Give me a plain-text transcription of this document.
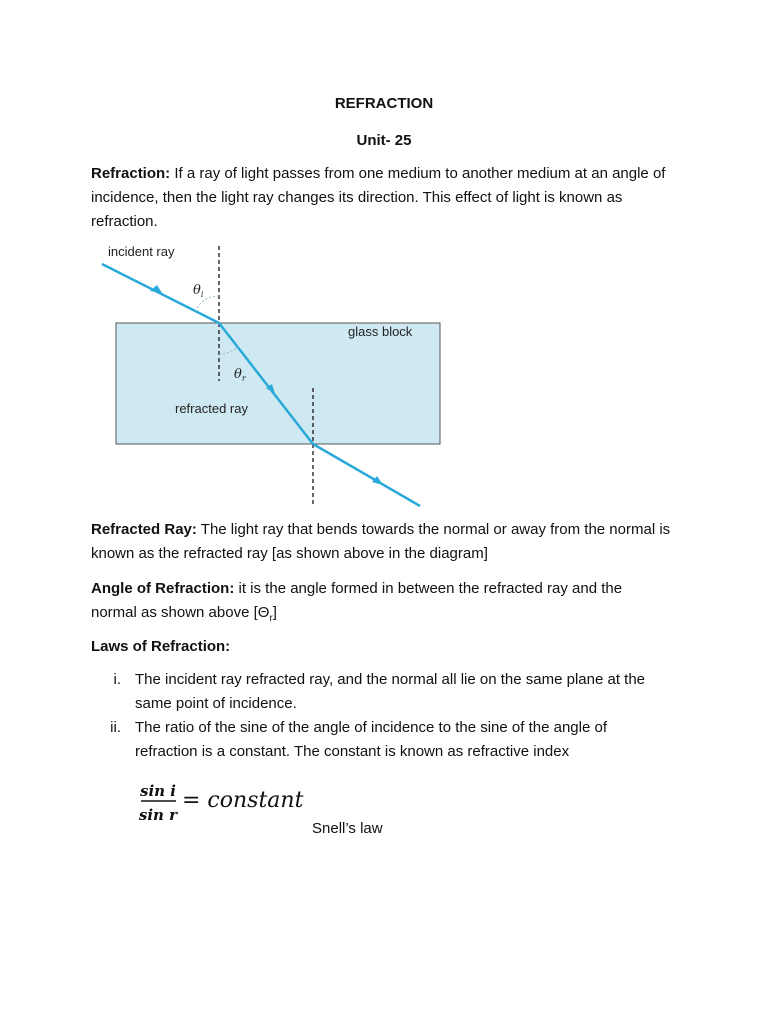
REFRACTION
Unit- 25
Refraction: If a ray of light passes from one medium to another medium at an angle of incidence, then the light ray changes its direction. This effect of light is known as refraction.
incident ray
glass block
refracted ray
$\theta_i$
$\theta_r$
Refracted Ray: The light ray that bends towards the normal or away from the normal is known as the refracted ray [as shown above in the diagram]
Angle of Refraction: it is the angle formed in between the refracted ray and the normal as shown above $[\Theta_r]$
Laws of Refraction:
i. The incident ray refracted ray, and the normal all lie on the same plane at the same point of incidence.
ii. The ratio of the sine of the angle of incidence to the sine of the angle of refraction is a constant. The constant is known as refractive index
sin i
sin r
= constant
Snell’s law
